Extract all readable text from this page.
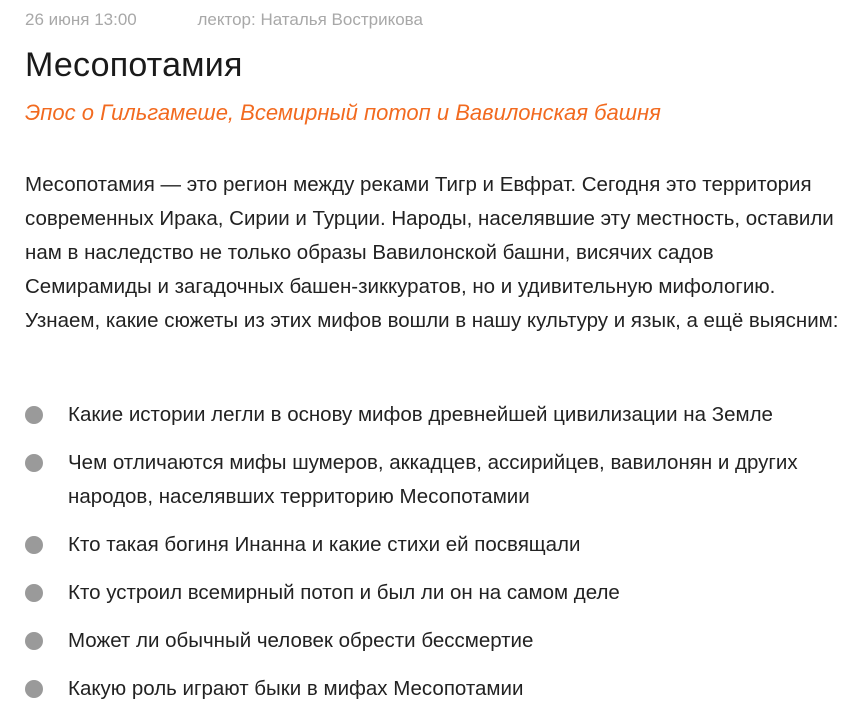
26 июня 13:00	лектор: Наталья Вострикова
Месопотамия

Эпос о Гильгамеше, Всемирный потоп и Вавилонская башня

Месопотамия — это регион между реками Тигр и Евфрат. Сегодня это территория современных Ирака, Сирии и Турции. Народы, населявшие эту местность, оставили нам в наследство не только образы Вавилонской башни, висячих садов Семирамиды и загадочных башен-зиккуратов, но и удивительную мифологию. Узнаем, какие сюжеты из этих мифов вошли в нашу культуру и язык, а ещё выясним:

Какие истории легли в основу мифов древнейшей цивилизации на Земле
Чем отличаются мифы шумеров, аккадцев, ассирийцев, вавилонян и других народов, населявших территорию Месопотамии
Кто такая богиня Инанна и какие стихи ей посвящали
Кто устроил всемирный потоп и был ли он на самом деле
Может ли обычный человек обрести бессмертие
Какую роль играют быки в мифах Месопотамии
